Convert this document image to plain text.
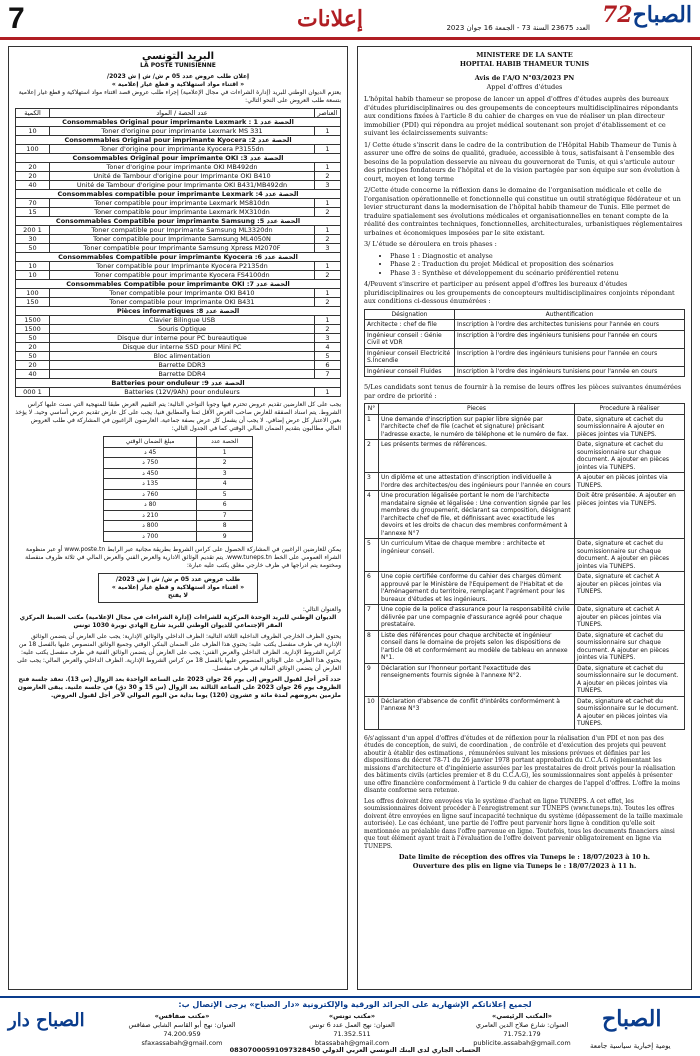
7	إعلانات	العدد 23675 السنة 73 - الجمعة 16 جوان 2023	الصباح72
MINISTERE DE LA SANTE
HOPITAL HABIB THAMEUR TUNIS
Avis de l'A/O N°03/2023 PN
Appel d'offres d'études

L'hôpital habib thameur se propose de lancer un appel d'offres d'études auprès des bureaux d'études pluridisciplinaires ou des groupements de concepteurs multidisciplinaires répondants aux conditions fixées à l'article 8 du cahier de charges en vue de réaliser un plan directeur immobilier (PDI) qui répondra au projet médical soutenant son projet d'établissement et ce suivant les éclaircissements suivants:

1/ Cette étude s'inscrit dans le cadre de la contribution de l'Hôpital Habib Thameur de Tunis à assurer une offre de soins de qualité, graduée, accessible à tous, satisfaisant à l'ensemble des besoins de la population desservie au niveau du gouvernorat de Tunis, et qui s'articule autour des principes fondateurs de l'hôpital et de la vision partagée par son équipe sur son évolution à court, moyen et long terme

2/Cette étude concerne la réflexion dans le domaine de l'organisation médicale et celle de l'organisation opérationnelle et fonctionnelle qui constitue un outil stratégique fédérateur et un levier structurant dans la modernisation de l'hôpital habib thameur de Tunis. Elle permet de traduire spatialement ses évolutions médicales et organisationnelles en tenant compte de la réalité des contraintes techniques, fonctionnelles, architecturales, urbanistiques réglementaires urbaines et économiques imposées par le site existant.

3/ L'étude se déroulera en trois phases :

• Phase 1 : Diagnostic et analyse
• Phase 2 : Traduction du projet Médical et proposition des scénarios
• Phase 3 : Synthèse et développement du scénario préférentiel retenu

4/Peuvent s'inscrire et participer au présent appel d'offres les bureaux d'études pluridisciplinaires ou les groupements de concepteurs multidisciplinaires conjoints répondant aux conditions ci-dessous énumérées :

Désignation	Authentification
Architecte : chef de file	Inscription à l'ordre des architectes tunisiens pour l'année en cours
Ingénieur conseil : Génie Civil et VDR	Inscription à l'ordre des ingénieurs tunisiens pour l'année en cours
Ingénieur conseil Electricité S.Incendie	Inscription à l'ordre des ingénieurs tunisiens pour l'année en cours
Ingénieur conseil Fluides	Inscription à l'ordre des ingénieurs tunisiens pour l'année en cours

5/Les candidats sont tenus de fournir à la remise de leurs offres les pièces suivantes énumérées par ordre de priorité :

N°	Pieces	Procedure à réaliser
1	Une demande d'inscription sur papier libre signée par l'architecte chef de file (cachet et signature) précisant l'adresse exacte, le numéro de téléphone et le numéro de fax.	Date, signature et cachet du soumissionnaire A ajouter en pièces jointes via TUNEPS.
2	Les présents termes de références.	Date, signature et cachet du soumissionnaire sur chaque document. A ajouter en pièces jointes via TUNEPS.
3	Un diplôme et une attestation d'inscription individuelle à l'ordre des architectes/ou des ingénieurs pour l'année en cours	A ajouter en pièces jointes via TUNEPS.
4	Une procuration légalisée portant le nom de l'architecte mandataire signée et légalisée : Une convention signée par les membres du groupement, déclarant sa composition, désignant l'architecte chef de file, et définissant avec exactitude les devoirs et les droits de chacun des membres conformément à l'annexe N°7	Doit être présentée. A ajouter en pièces jointes via TUNEPS.
5	Un curriculum Vitae de chaque membre : architecte et ingénieur conseil.	Date, signature et cachet du soumissionnaire sur chaque document. A ajouter en pièces jointes via TUNEPS.
6	Une copie certifiée conforme du cahier des charges dûment approuvé par le Ministère de l'Equipement de l'Habitat et de l'Aménagement du territoire, remplaçant l'agrément pour les bureaux d'études et les ingénieurs.	Date, signature et cachet A ajouter en pièces jointes via TUNEPS.
7	Une copie de la police d'assurance pour la responsabilité civile délivrée par une compagnie d'assurance agréé pour chaque prestataire.	Date, signature et cachet A ajouter en pièces jointes via TUNEPS.
8	Liste des références pour chaque architecte et ingénieur conseil dans le domaine de projets selon les dispositions de l'article 08 et conformément au modèle de tableau en annexe N°1.	Date, signature et cachet du soumissionnaire sur chaque document. A ajouter en pièces jointes via TUNEPS.
9	Déclaration sur l'honneur portant l'exactitude des renseignements fournis signée à l'annexe N°2.	Date, signature et cachet du soumissionnaire sur le document. A ajouter en pièces jointes via TUNEPS.
10	Déclaration d'absence de conflit d'intérêts conformément à l'annexe N°3	Date, signature et cachet du soumissionnaire sur le document. A ajouter en pièces jointes via TUNEPS.

6/s'agissant d'un appel d'offres d'études et de réflexion pour la réalisation d'un PDI et non pas des études de conception, de suivi, de coordination , de contrôle et d'exécution des projets qui peuvent aboutir à établir des estimations , rémunérées suivant les missions prévues et définies par les dispositions du décret 78-71 du 26 janvier 1978 portant approbation du C.C.A.G réglementant les missions d'architecture et d'ingénierie assurées par les prestataires de droit privés pour la réalisation des bâtiments civils (articles premier et 8 du C.C.A.G), les soumissionnaires sont appelés à présenter une offre financière conformément à l'article 9 du cahier de charges de l'appel d'offres. L'offre la moins disante conforme sera retenue.

Les offres doivent être envoyées via le système d'achat en ligne TUNEPS. A cet effet, les soumissionnaires doivent procéder à l'enregistrement sur TUNEPS (www.tuneps.tn). Toutes les offres doivent être envoyées en ligne sauf incapacité technique du système (dépassement de la taille maximale autorisée). Le cas échéant, une partie de l'offre peut parvenir hors ligne à condition qu'elle soit mentionnée au préalable dans l'offre parvenue en ligne. Toutefois, tous les documents financiers ainsi que tout élément ayant trait à l'évaluation de l'offre doivent parvenir obligatoirement en ligne via TUNEPS.

Date limite de réception des offres via Tuneps le : 18/07/2023 à 10 h.
Ouverture des plis en ligne via Tuneps le : 18/07/2023 à 11 h.
البريد التونسي
LA POSTE TUNISIENNE
إعلان طلب عروض عدد 05 م ش/ ش إ ش 2023/
« اقتناء مواد استهلاكية و قطع غيار إعلامية »

يعتزم الديوان الوطني للبريد (إدارة الشراءات في مجال الإعلامية) إجراء طلب عروض قصد اقتناء مواد استهلاكية و قطع غيار إعلامية بتسعة طلب العروض على النحو التالي:

العناصر	عدد الحصة / المواد	الكمية
الحصة عدد 1 : Consommables Original pour imprimante Lexmark		
1	Toner d'origine pour imprimante Lexmark MS 331	10
الحصة عدد 2: Consommables Original pour imprimante Kyocera		
1	Toner d'origine pour imprimante Kyocera P3155dn	100
الحصة عدد 3: Consommables Original pour imprimante OKI		
1	Toner d'origine pour imprimante OKI MB492dn	20
2	Unité de Tambour d'origine pour Imprimante OKI B410	20
3	Unité de Tambour d'origine pour Imprimante OKI B431/MB492dn	40
الحصة عدد 4: Consommables compatible pour imprimante Lexmark		
1	Toner compatible pour imprimante Lexmark MS810dn	70
2	Toner compatible pour imprimante Lexmark MX310dn	15
الحصة عدد 5: Consommables Compatible pour imprimante Samsung		
1	Toner compatible pour Imprimante Samsung ML3320dn	1 200
2	Toner compatible pour Imprimante Samsung ML4050N	30
3	Toner compatible pour Imprimante Samsung Xpress M2070F	50
الحصة عدد 6: Consommables Compatible pour imprimante Kyocera		
1	Toner compatible pour Imprimante Kyocera P2135dn	10
2	Toner compatible pour imprimante Kyocera FS4100dn	10
الحصة عدد 7: Consommables Compatible pour imprimante OKI		
1	Toner compatible pour Imprimante OKI B410	100
2	Toner compatible pour Imprimante OKI B431	150
الحصة عدد 8: Pièces informatiques		
1	Clavier Bilingue USB	1500
2	Souris Optique	1500
3	Disque dur interne pour PC bureautique	50
4	Disque dur interne SSD pour Mini PC	20
5	Bloc alimentation	50
6	Barrette DDR3	20
7	Barrette DDR4	40
الحصة عدد 9: Batteries pour onduleur		
1	Batteries (12V/9Ah) pour onduleurs	1 000

يجب على كل العارضين تقديم عروض تحترم فيها وجوبا النواحي التالية: يتم التقييم العرض طبقا للمنهجية التي نصت عليها كراس الشروط. يتم اسناد الصفقة للعارض صاحب العرض الأقل ثمنا والمطابق فنيا. يجب على كل عارض تقديم عرض أساسي وحيد. لا يؤخذ بعين الاعتبار كل عرض إضافي. لا يجب أن يشمل كل عرض بصفة جماعية. العارضون الراغبون في المشاركة في طلب العروض المالي مطالبون بتقديم الضمان المالي الوقتي كما في الجدول التالي:

الحصة عدد	مبلغ الضمان الوقتي
1	45 د
2	750 د
3	450 د
4	135 د
5	760 د
6	80 د
7	210 د
8	800 د
9	700 د

يمكن للعارضين الراغبين في المشاركة الحصول على كراس الشروط بطريقة مجانية عبر الرابط www.poste.tn أو عبر منظومة الشراء العمومي على الخط www.tuneps.tn. يتم تقديم الوثائق الادارية والعرض الفني والعرض المالي في ثلاثة ظروف منفصلة ومختومة يتم ادراجها في ظرف خارجي مغلق يكتب عليه عبارة:

طلب عروض عدد 05 م ش/ ش إ ش 2023/
« اقتناء مواد استهلاكية و قطع غيار إعلامية »
لا يفتح
والعنوان التالي:
الديوان الوطني للبريد الوحدة المركزية للشراءات (إدارة الشراءات في مجال الإعلامية) مكتب الضبط المركزي المقر الإجتماعي للديوان الوطني للبريد شارع الهادي نويرة 1030 تونس

يحتوي الظرف الخارجي الظروف الداخلية الثلاثة التالية: الظرف الداخلي والوثائق الإدارية: يجب على العارض أن يتضمن الوثائق الإدارية في ظرف منفصل يكتب عليه: يحتوي هذا الظرف على الضمان البنكي الوقتي وجميع الوثائق المنصوص عليها بالفصل 18 من كراس الشروط الإدارية. الظرف الداخلي والعرض الفني: يجب على العارض أن يتضمن الوثائق الفنية في ظرف منفصل يكتب عليه: يحتوي هذا الظرف على الوثائق المنصوص عليها بالفصل 18 من كراس الشروط الإدارية. الظرف الداخلي والعرض المالي: يجب على العارض أن يتضمن الوثائق المالية في ظرف منفصل.

حدد آخر أجل لقبول العروض إلى يوم 26 جوان 2023 على الساعة الواحدة بعد الزوال (س 13). تعقد جلسة فتح الظروف يوم 26 جوان 2023 على الساعة الثالثة بعد الزوال (س 15 و 30 دق) في جلسة علنية. يبقى العارضون ملزمين بعروضهم لمدة مائة و عشرون (120) يوما بداية من اليوم الموالي لآخر أجل لقبول العروض.

لجميع إعلاناتكم الإشهارية على الجرائد الورقية والإلكترونية «دار الصباح» يرجى الإتصال ب:
الصباح
يومية إخبارية سياسية جامعة
«المكتب الرئيسي»
العنوان: شارع صلاح الدين العامري
71.752.179
publicite.assabah@gmail.com
«مكتب تونس»
العنوان: نهج العمل عدد 6 تونس
71.352.511
btassabah@gmail.com
«مكتب صفاقس»
العنوان: نهج أبو القاسم الشابي صفاقس
74.200.959
sfaxassabah@gmail.com
الحساب الجاري لدى البنك التونسي العربي الدولي 08307000591097328450
الصباح دار
